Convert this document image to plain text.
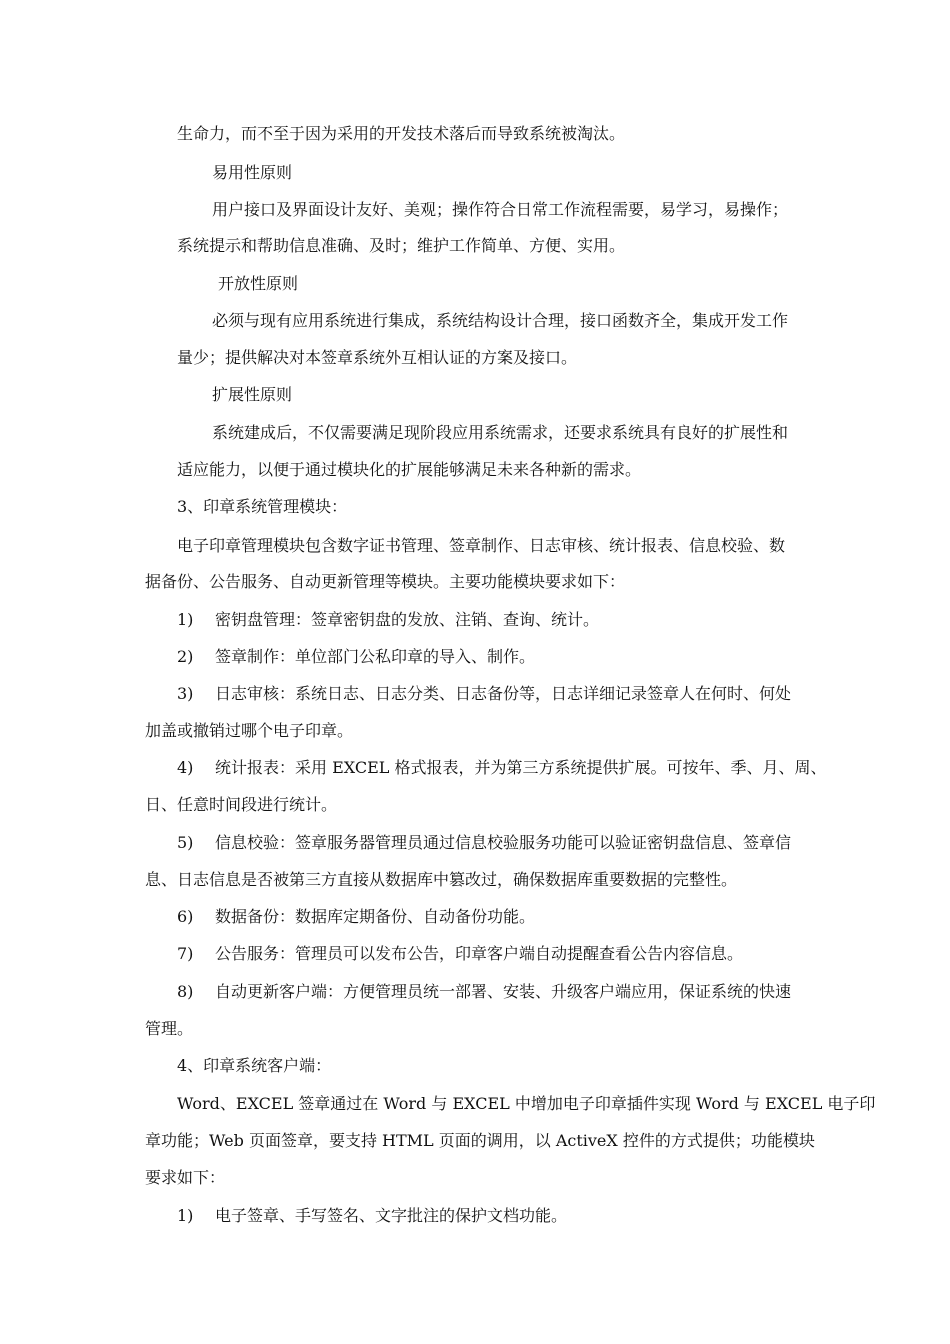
生命力，而不至于因为采用的开发技术落后而导致系统被淘汰。
易用性原则
用户接口及界面设计友好、美观；操作符合日常工作流程需要，易学习，易操作；
系统提示和帮助信息准确、及时；维护工作简单、方便、实用。
开放性原则
必须与现有应用系统进行集成，系统结构设计合理，接口函数齐全，集成开发工作
量少；提供解决对本签章系统外互相认证的方案及接口。
扩展性原则
系统建成后，不仅需要满足现阶段应用系统需求，还要求系统具有良好的扩展性和
适应能力，以便于通过模块化的扩展能够满足未来各种新的需求。
3、印章系统管理模块：
电子印章管理模块包含数字证书管理、签章制作、日志审核、统计报表、信息校验、数
据备份、公告服务、自动更新管理等模块。主要功能模块要求如下：
1) 密钥盘管理：签章密钥盘的发放、注销、查询、统计。
2) 签章制作：单位部门公私印章的导入、制作。
3) 日志审核：系统日志、日志分类、日志备份等，日志详细记录签章人在何时、何处
加盖或撤销过哪个电子印章。
4) 统计报表：采用 EXCEL 格式报表，并为第三方系统提供扩展。可按年、季、月、周、
日、任意时间段进行统计。
5) 信息校验：签章服务器管理员通过信息校验服务功能可以验证密钥盘信息、签章信
息、日志信息是否被第三方直接从数据库中篡改过，确保数据库重要数据的完整性。
6) 数据备份：数据库定期备份、自动备份功能。
7) 公告服务：管理员可以发布公告，印章客户端自动提醒查看公告内容信息。
8) 自动更新客户端：方便管理员统一部署、安装、升级客户端应用，保证系统的快速
管理。
4、印章系统客户端：
Word、EXCEL 签章通过在 Word 与 EXCEL 中增加电子印章插件实现 Word 与 EXCEL 电子印
章功能；Web 页面签章，要支持 HTML 页面的调用，以 ActiveX 控件的方式提供；功能模块
要求如下：
1) 电子签章、手写签名、文字批注的保护文档功能。
